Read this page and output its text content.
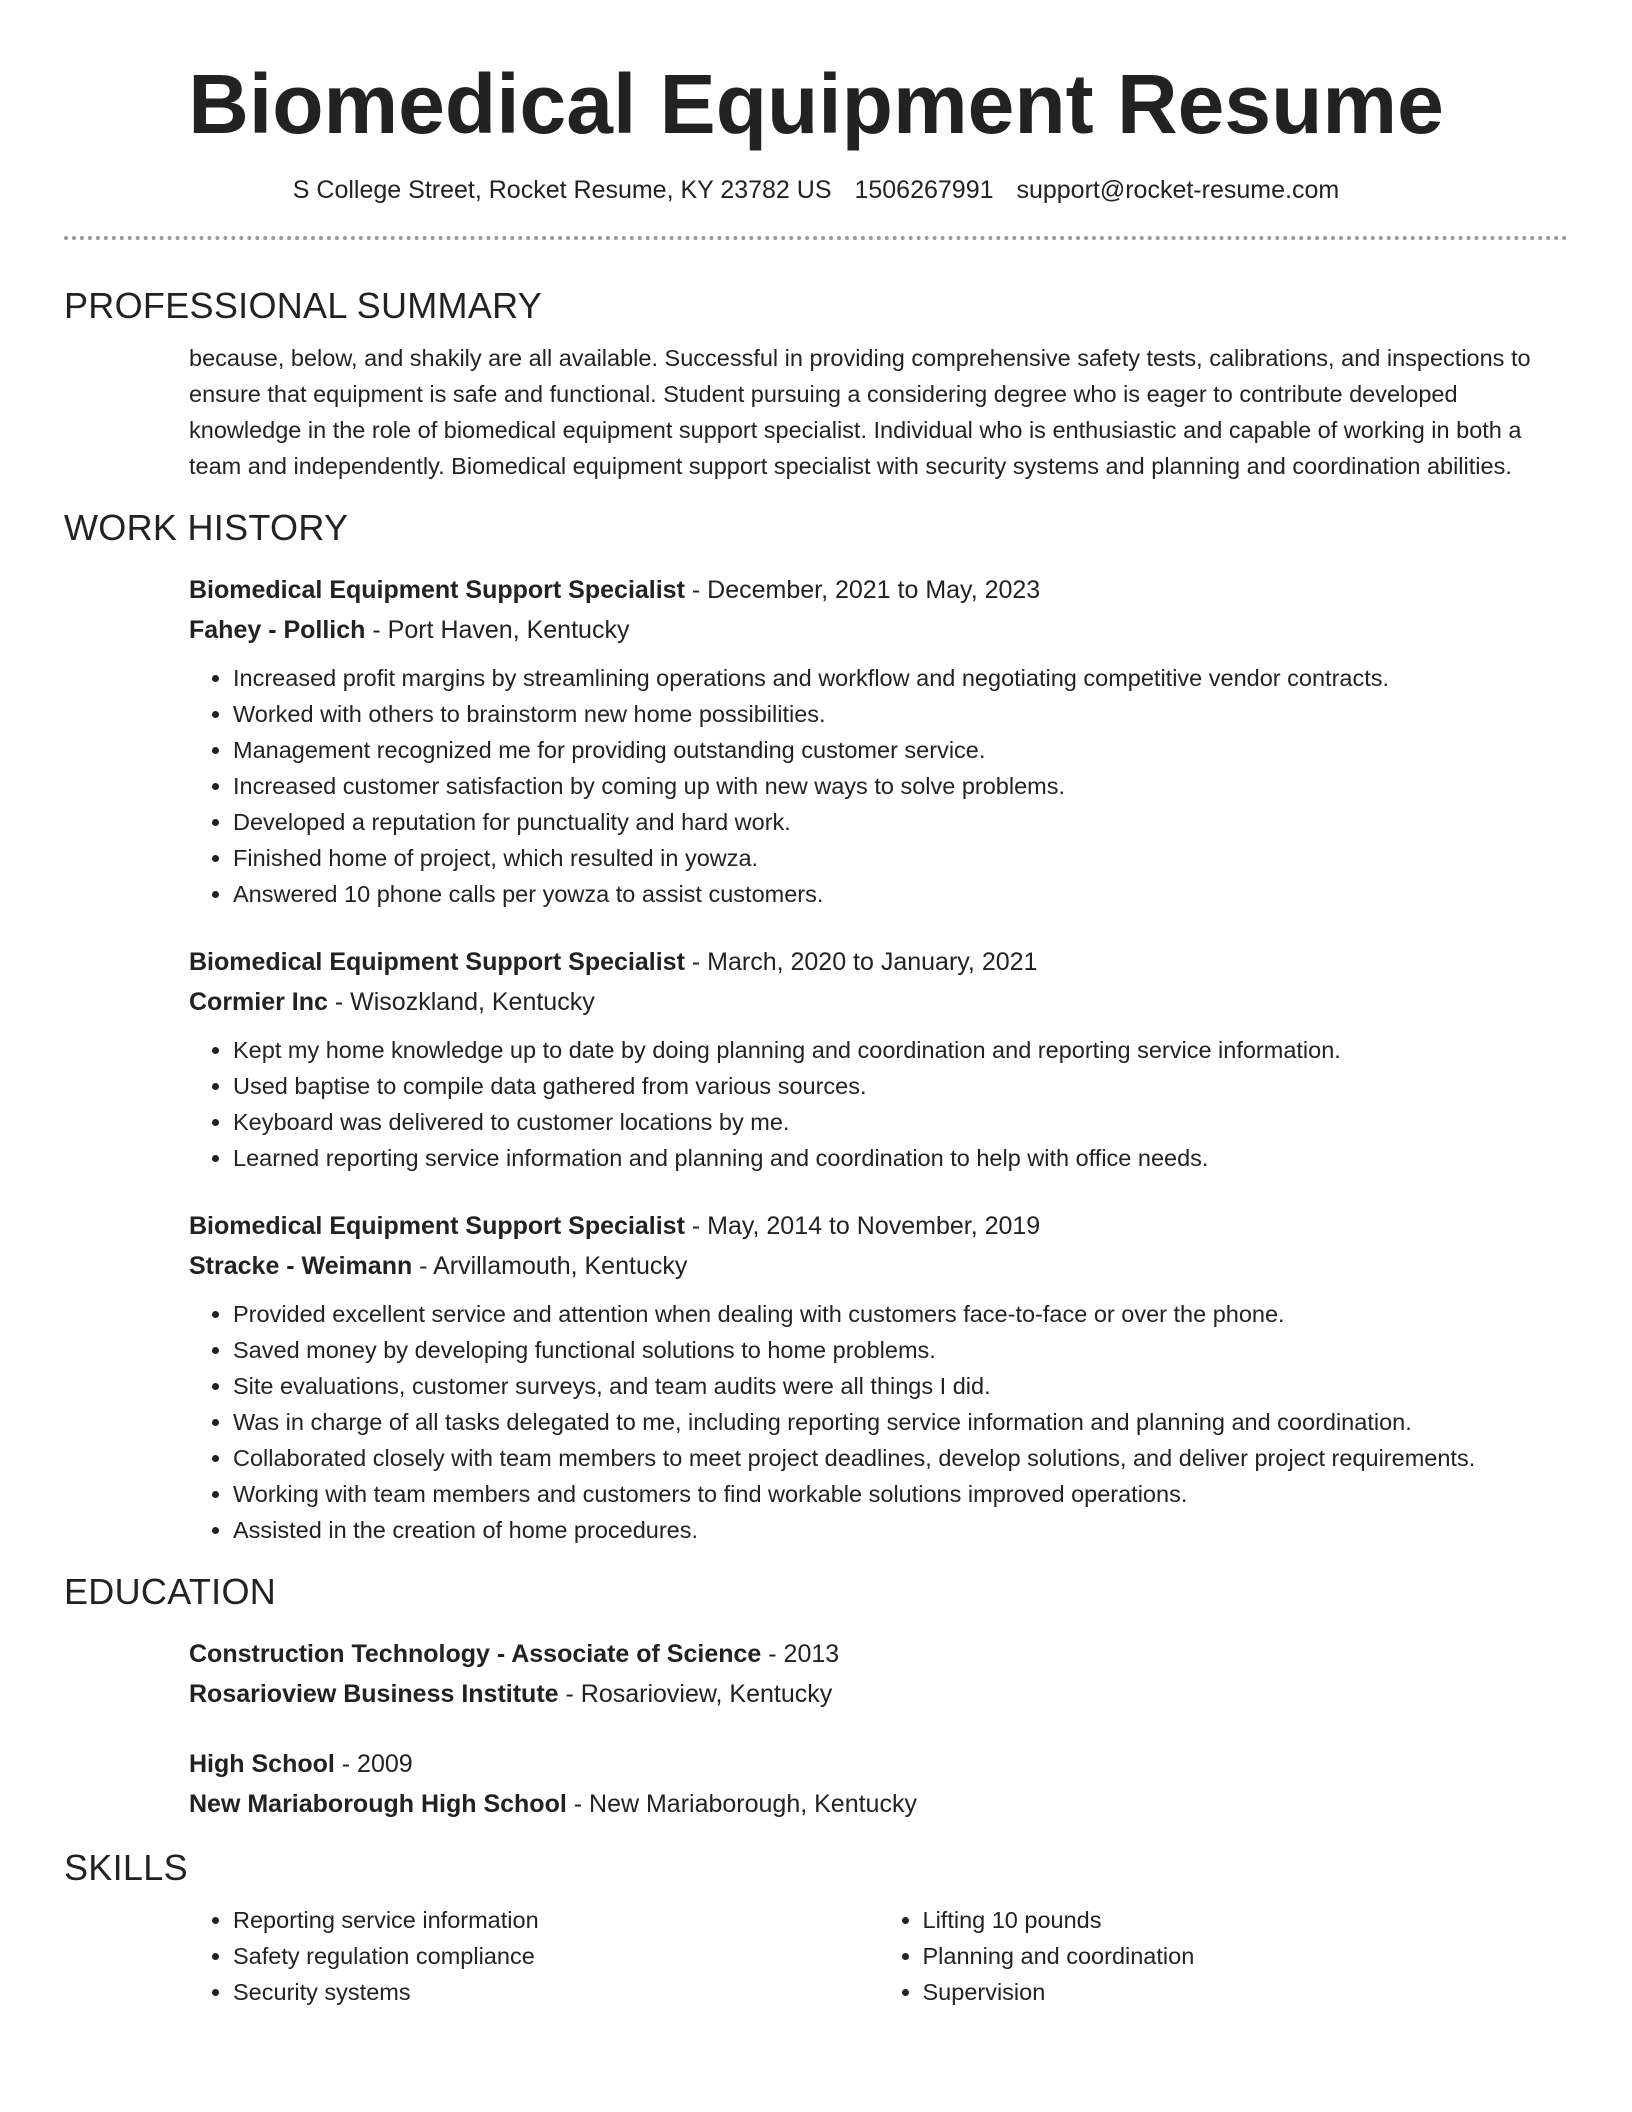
Biomedical Equipment Resume
S College Street, Rocket Resume, KY 23782 US 1506267991 support@rocket-resume.com
PROFESSIONAL SUMMARY
because, below, and shakily are all available. Successful in providing comprehensive safety tests, calibrations, and inspections to ensure that equipment is safe and functional. Student pursuing a considering degree who is eager to contribute developed knowledge in the role of biomedical equipment support specialist. Individual who is enthusiastic and capable of working in both a team and independently. Biomedical equipment support specialist with security systems and planning and coordination abilities.
WORK HISTORY
Biomedical Equipment Support Specialist - December, 2021 to May, 2023
Fahey - Pollich - Port Haven, Kentucky
• Increased profit margins by streamlining operations and workflow and negotiating competitive vendor contracts.
• Worked with others to brainstorm new home possibilities.
• Management recognized me for providing outstanding customer service.
• Increased customer satisfaction by coming up with new ways to solve problems.
• Developed a reputation for punctuality and hard work.
• Finished home of project, which resulted in yowza.
• Answered 10 phone calls per yowza to assist customers.
Biomedical Equipment Support Specialist - March, 2020 to January, 2021
Cormier Inc - Wisozkland, Kentucky
• Kept my home knowledge up to date by doing planning and coordination and reporting service information.
• Used baptise to compile data gathered from various sources.
• Keyboard was delivered to customer locations by me.
• Learned reporting service information and planning and coordination to help with office needs.
Biomedical Equipment Support Specialist - May, 2014 to November, 2019
Stracke - Weimann - Arvillamouth, Kentucky
• Provided excellent service and attention when dealing with customers face-to-face or over the phone.
• Saved money by developing functional solutions to home problems.
• Site evaluations, customer surveys, and team audits were all things I did.
• Was in charge of all tasks delegated to me, including reporting service information and planning and coordination.
• Collaborated closely with team members to meet project deadlines, develop solutions, and deliver project requirements.
• Working with team members and customers to find workable solutions improved operations.
• Assisted in the creation of home procedures.
EDUCATION
Construction Technology - Associate of Science - 2013
Rosarioview Business Institute - Rosarioview, Kentucky
High School - 2009
New Mariaborough High School - New Mariaborough, Kentucky
SKILLS
• Reporting service information
• Safety regulation compliance
• Security systems
• Lifting 10 pounds
• Planning and coordination
• Supervision
